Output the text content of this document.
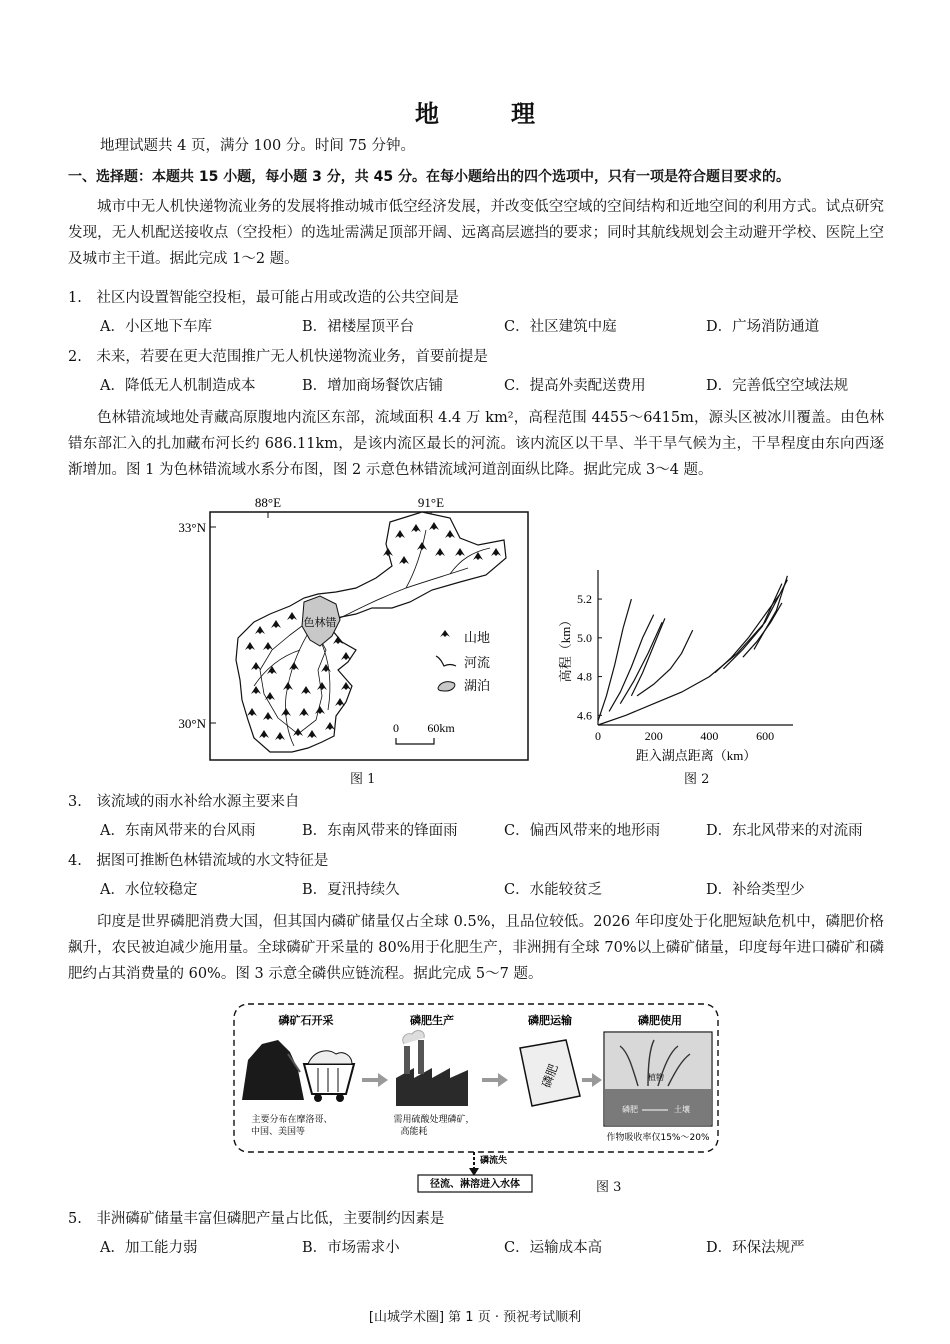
地　理
地理试题共 4 页，满分 100 分。时间 75 分钟。
一、选择题：本题共 15 小题，每小题 3 分，共 45 分。在每小题给出的四个选项中，只有一项是符合题目要求的。
城市中无人机快递物流业务的发展将推动城市低空经济发展，并改变低空空域的空间结构和近地空间的利用方式。试点研究发现，无人机配送接收点（空投柜）的选址需满足顶部开阔、远离高层遮挡的要求；同时其航线规划会主动避开学校、医院上空及城市主干道。据此完成 1～2 题。
1.　社区内设置智能空投柜，最可能占用或改造的公共空间是
A．小区地下车库	B．裙楼屋顶平台	C．社区建筑中庭	D．广场消防通道
2.　未来，若要在更大范围推广无人机快递物流业务，首要前提是
A．降低无人机制造成本	B．增加商场餐饮店铺	C．提高外卖配送费用	D．完善低空空域法规
色林错流域地处青藏高原腹地内流区东部，流域面积 4.4 万 km²，高程范围 4455～6415m，源头区被冰川覆盖。由色林错东部汇入的扎加藏布河长约 686.11km，是该内流区最长的河流。该内流区以干旱、半干旱气候为主，干旱程度由东向西逐渐增加。图 1 为色林错流域水系分布图，图 2 示意色林错流域河道剖面纵比降。据此完成 3～4 题。
88°E	91°E
33°N
30°N
色林错
山地
河流
湖泊
0 60km
图 1
5.2
5.0
4.8
4.6
0	200	400	600
高程（km）
距入湖点距离（km）
图 2
3.　该流域的雨水补给水源主要来自
A．东南风带来的台风雨	B．东南风带来的锋面雨	C．偏西风带来的地形雨	D．东北风带来的对流雨
4.　据图可推断色林错流域的水文特征是
A．水位较稳定	B．夏汛持续久	C．水能较贫乏	D．补给类型少
印度是世界磷肥消费大国，但其国内磷矿储量仅占全球 0.5%，且品位较低。2026 年印度处于化肥短缺危机中，磷肥价格飙升，农民被迫减少施用量。全球磷矿开采量的 80%用于化肥生产，非洲拥有全球 70%以上磷矿储量，印度每年进口磷矿和磷肥约占其消费量的 60%。图 3 示意全磷供应链流程。据此完成 5～7 题。
磷矿石开采	磷肥生产	磷肥运输	磷肥使用
主要分布在摩洛哥、
中国、美国等
需用硫酸处理磷矿，
高能耗
磷肥	植物
磷肥	土壤
作物吸收率仅15%～20%
磷流失
径流、淋溶进入水体	图 3
5.　非洲磷矿储量丰富但磷肥产量占比低，主要制约因素是
A．加工能力弱	B．市场需求小	C．运输成本高	D．环保法规严
[山城学术圈] 第 1 页 · 预祝考试顺利
